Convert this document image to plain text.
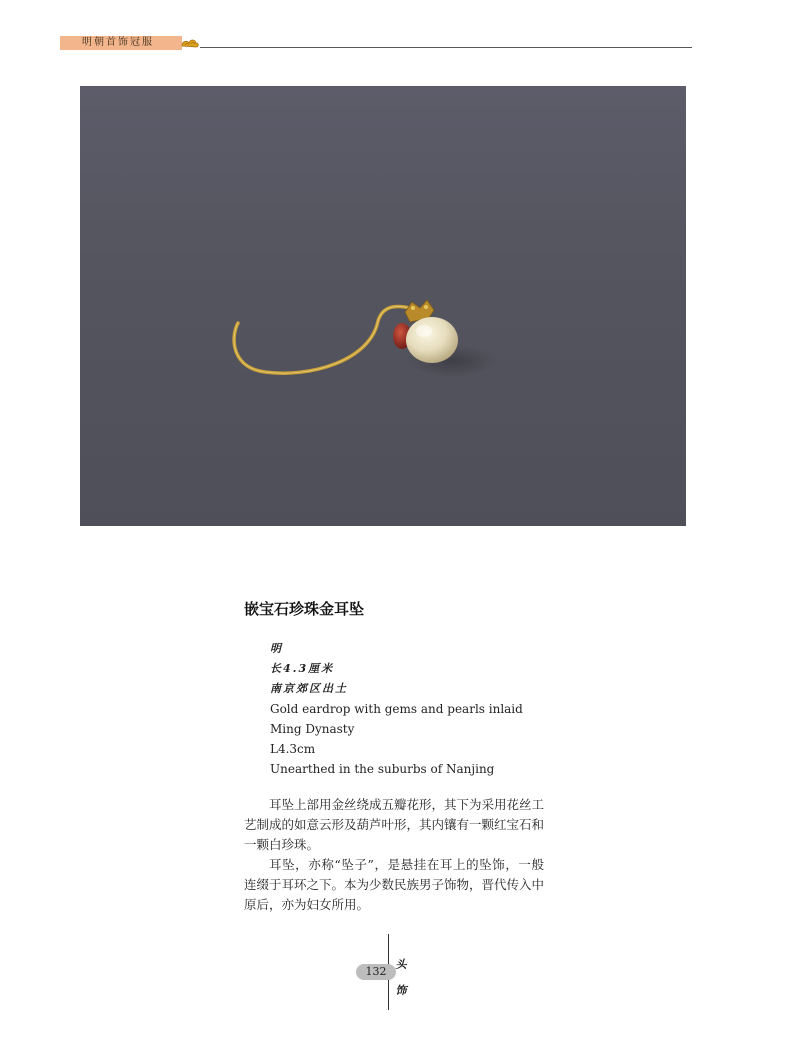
明朝首饰冠服
嵌宝石珍珠金耳坠
明
长4.3厘米
南京郊区出土
Gold eardrop with gems and pearls inlaid
Ming Dynasty
L4.3cm
Unearthed in the suburbs of Nanjing

耳坠上部用金丝绕成五瓣花形，其下为采用花丝工艺制成的如意云形及葫芦叶形，其内镶有一颗红宝石和一颗白珍珠。

耳坠，亦称“坠子”，是悬挂在耳上的坠饰，一般连缀于耳环之下。本为少数民族男子饰物，晋代传入中原后，亦为妇女所用。

132
头
饰
